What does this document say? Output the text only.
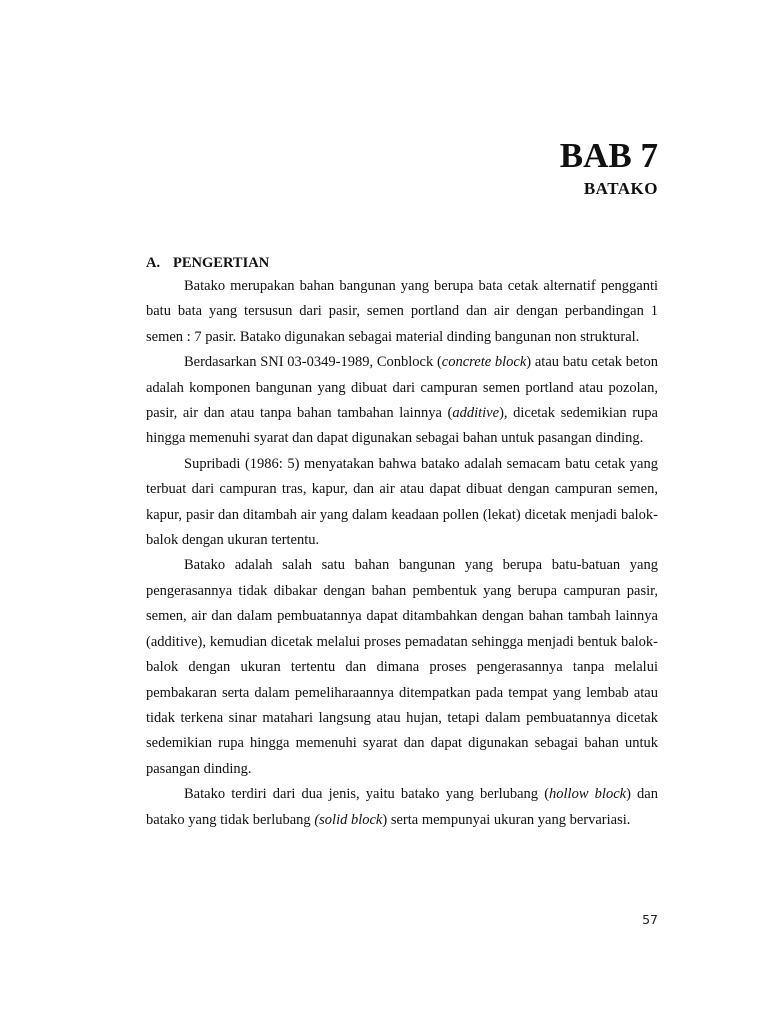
BAB 7
BATAKO
A. PENGERTIAN

Batako merupakan bahan bangunan yang berupa bata cetak alternatif pengganti batu bata yang tersusun dari pasir, semen portland dan air dengan perbandingan 1 semen : 7 pasir. Batako digunakan sebagai material dinding bangunan non struktural.

Berdasarkan SNI 03-0349-1989, Conblock (concrete block) atau batu cetak beton adalah komponen bangunan yang dibuat dari campuran semen portland atau pozolan, pasir, air dan atau tanpa bahan tambahan lainnya (additive), dicetak sedemikian rupa hingga memenuhi syarat dan dapat digunakan sebagai bahan untuk pasangan dinding.

Supribadi (1986: 5) menyatakan bahwa batako adalah semacam batu cetak yang terbuat dari campuran tras, kapur, dan air atau dapat dibuat dengan campuran semen, kapur, pasir dan ditambah air yang dalam keadaan pollen (lekat) dicetak menjadi balok-balok dengan ukuran tertentu.

Batako adalah salah satu bahan bangunan yang berupa batu-batuan yang pengerasannya tidak dibakar dengan bahan pembentuk yang berupa campuran pasir, semen, air dan dalam pembuatannya dapat ditambahkan dengan bahan tambah lainnya (additive), kemudian dicetak melalui proses pemadatan sehingga menjadi bentuk balok-balok dengan ukuran tertentu dan dimana proses pengerasannya tanpa melalui pembakaran serta dalam pemeliharaannya ditempatkan pada tempat yang lembab atau tidak terkena sinar matahari langsung atau hujan, tetapi dalam pembuatannya dicetak sedemikian rupa hingga memenuhi syarat dan dapat digunakan sebagai bahan untuk pasangan dinding.

Batako terdiri dari dua jenis, yaitu batako yang berlubang (hollow block) dan batako yang tidak berlubang (solid block) serta mempunyai ukuran yang bervariasi.

57
